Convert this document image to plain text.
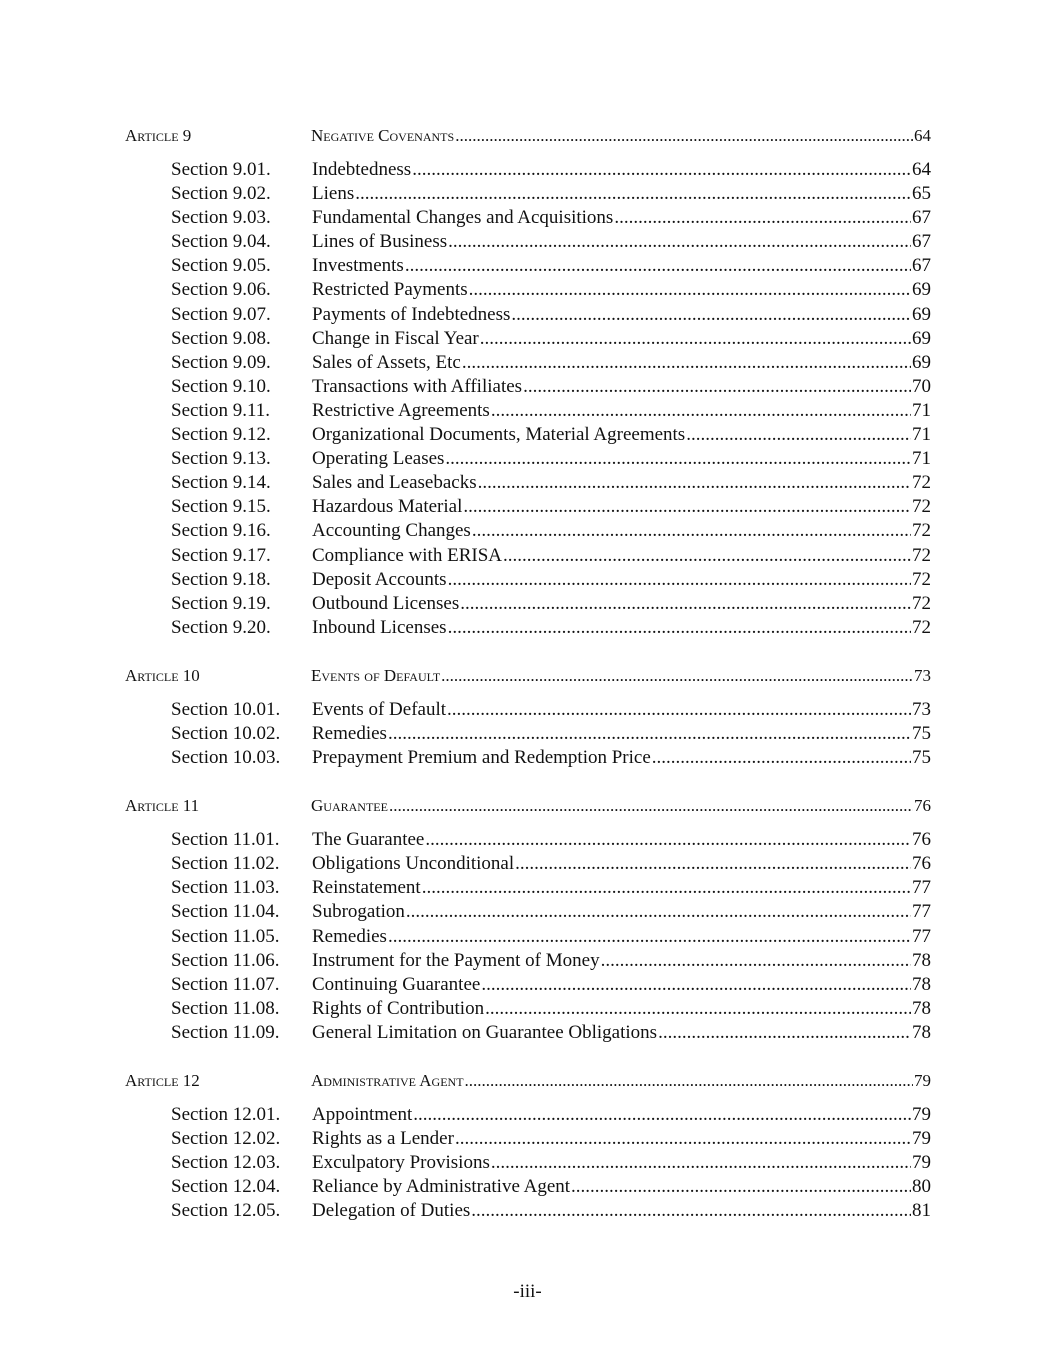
Article 9	Negative Covenants .....	64
Section 9.01.	Indebtedness .....	64
Section 9.02.	Liens .....	65
Section 9.03.	Fundamental Changes and Acquisitions .....	67
Section 9.04.	Lines of Business .....	67
Section 9.05.	Investments .....	67
Section 9.06.	Restricted Payments .....	69
Section 9.07.	Payments of Indebtedness .....	69
Section 9.08.	Change in Fiscal Year .....	69
Section 9.09.	Sales of Assets, Etc .....	69
Section 9.10.	Transactions with Affiliates .....	70
Section 9.11.	Restrictive Agreements .....	71
Section 9.12.	Organizational Documents, Material Agreements .....	71
Section 9.13.	Operating Leases .....	71
Section 9.14.	Sales and Leasebacks .....	72
Section 9.15.	Hazardous Material .....	72
Section 9.16.	Accounting Changes .....	72
Section 9.17.	Compliance with ERISA .....	72
Section 9.18.	Deposit Accounts .....	72
Section 9.19.	Outbound Licenses .....	72
Section 9.20.	Inbound Licenses .....	72
Article 10	Events of Default .....	73
Section 10.01.	Events of Default .....	73
Section 10.02.	Remedies .....	75
Section 10.03.	Prepayment Premium and Redemption Price .....	75
Article 11	Guarantee .....	76
Section 11.01.	The Guarantee .....	76
Section 11.02.	Obligations Unconditional .....	76
Section 11.03.	Reinstatement .....	77
Section 11.04.	Subrogation .....	77
Section 11.05.	Remedies .....	77
Section 11.06.	Instrument for the Payment of Money .....	78
Section 11.07.	Continuing Guarantee .....	78
Section 11.08.	Rights of Contribution .....	78
Section 11.09.	General Limitation on Guarantee Obligations .....	78
Article 12	Administrative Agent .....	79
Section 12.01.	Appointment .....	79
Section 12.02.	Rights as a Lender .....	79
Section 12.03.	Exculpatory Provisions .....	79
Section 12.04.	Reliance by Administrative Agent .....	80
Section 12.05.	Delegation of Duties .....	81
-iii-
